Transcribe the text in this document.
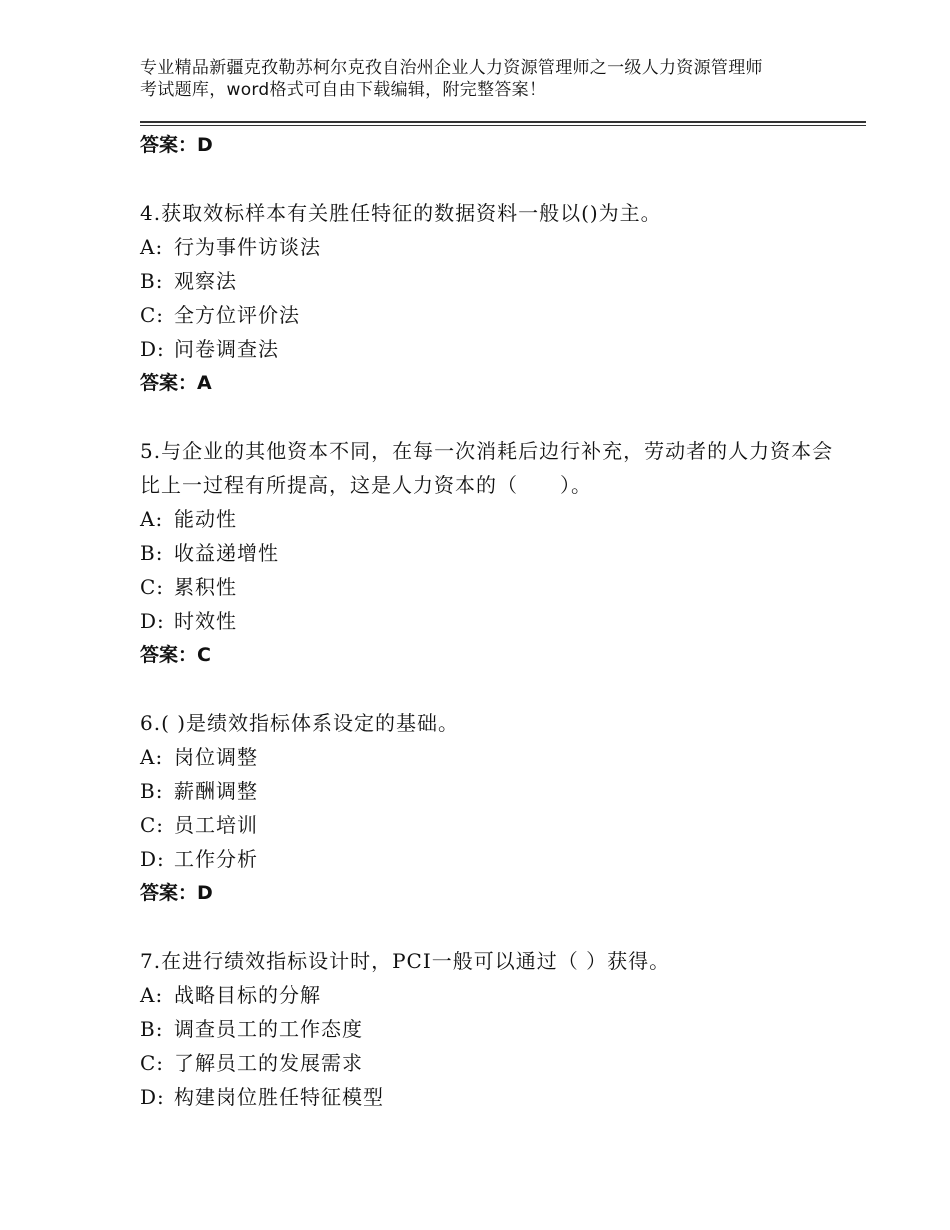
专业精品新疆克孜勒苏柯尔克孜自治州企业人力资源管理师之一级人力资源管理师
考试题库，word格式可自由下载编辑，附完整答案！
答案：D
4.获取效标样本有关胜任特征的数据资料一般以()为主。
A: 行为事件访谈法
B: 观察法
C: 全方位评价法
D: 问卷调查法
答案：A
5.与企业的其他资本不同，在每一次消耗后边行补充，劳动者的人力资本会比上一过程有所提高，这是人力资本的（　　）。
A: 能动性
B: 收益递增性
C: 累积性
D: 时效性
答案：C
6.( )是绩效指标体系设定的基础。
A: 岗位调整
B: 薪酬调整
C: 员工培训
D: 工作分析
答案：D
7.在进行绩效指标设计时，PCI一般可以通过（ ）获得。
A: 战略目标的分解
B: 调查员工的工作态度
C: 了解员工的发展需求
D: 构建岗位胜任特征模型
